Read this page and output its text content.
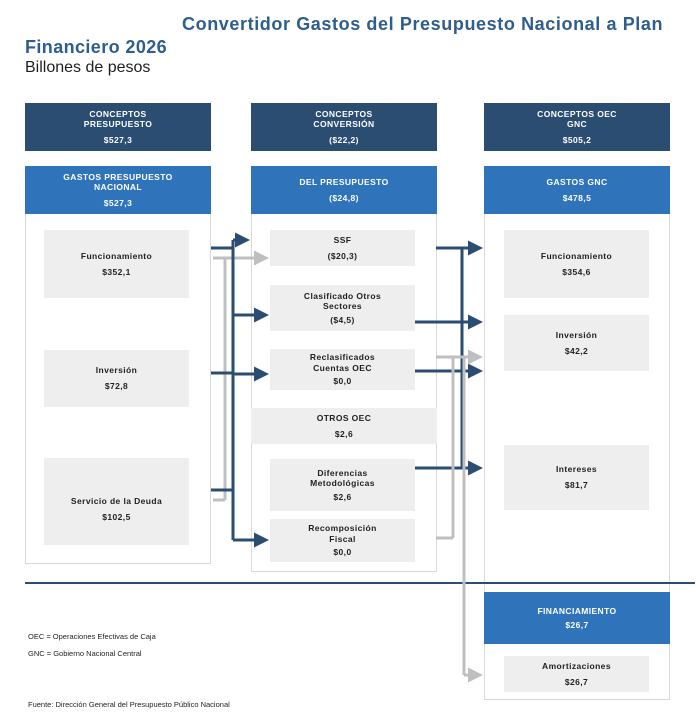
Convertidor Gastos del Presupuesto Nacional a Plan
Financiero 2026
Billones de pesos
CONCEPTOS PRESUPUESTO
$527,3
GASTOS PRESUPUESTO NACIONAL
$527,3
Funcionamiento
$352,1
Inversión
$72,8
Servicio de la Deuda
$102,5
CONCEPTOS CONVERSIÓN
($22,2)
DEL PRESUPUESTO
($24,8)
SSF
($20,3)
Clasificado Otros Sectores
($4,5)
Reclasificados Cuentas OEC
$0,0
OTROS OEC
$2,6
Diferencias Metodológicas
$2,6
Recomposición Fiscal
$0,0
CONCEPTOS OEC GNC
$505,2
GASTOS GNC
$478,5
Funcionamiento
$354,6
Inversión
$42,2
Intereses
$81,7
FINANCIAMIENTO
$26,7
Amortizaciones
$26,7
OEC = Operaciones Efectivas de Caja
GNC = Gobierno Nacional Central
Fuente: Dirección General del Presupuesto Público Nacional
